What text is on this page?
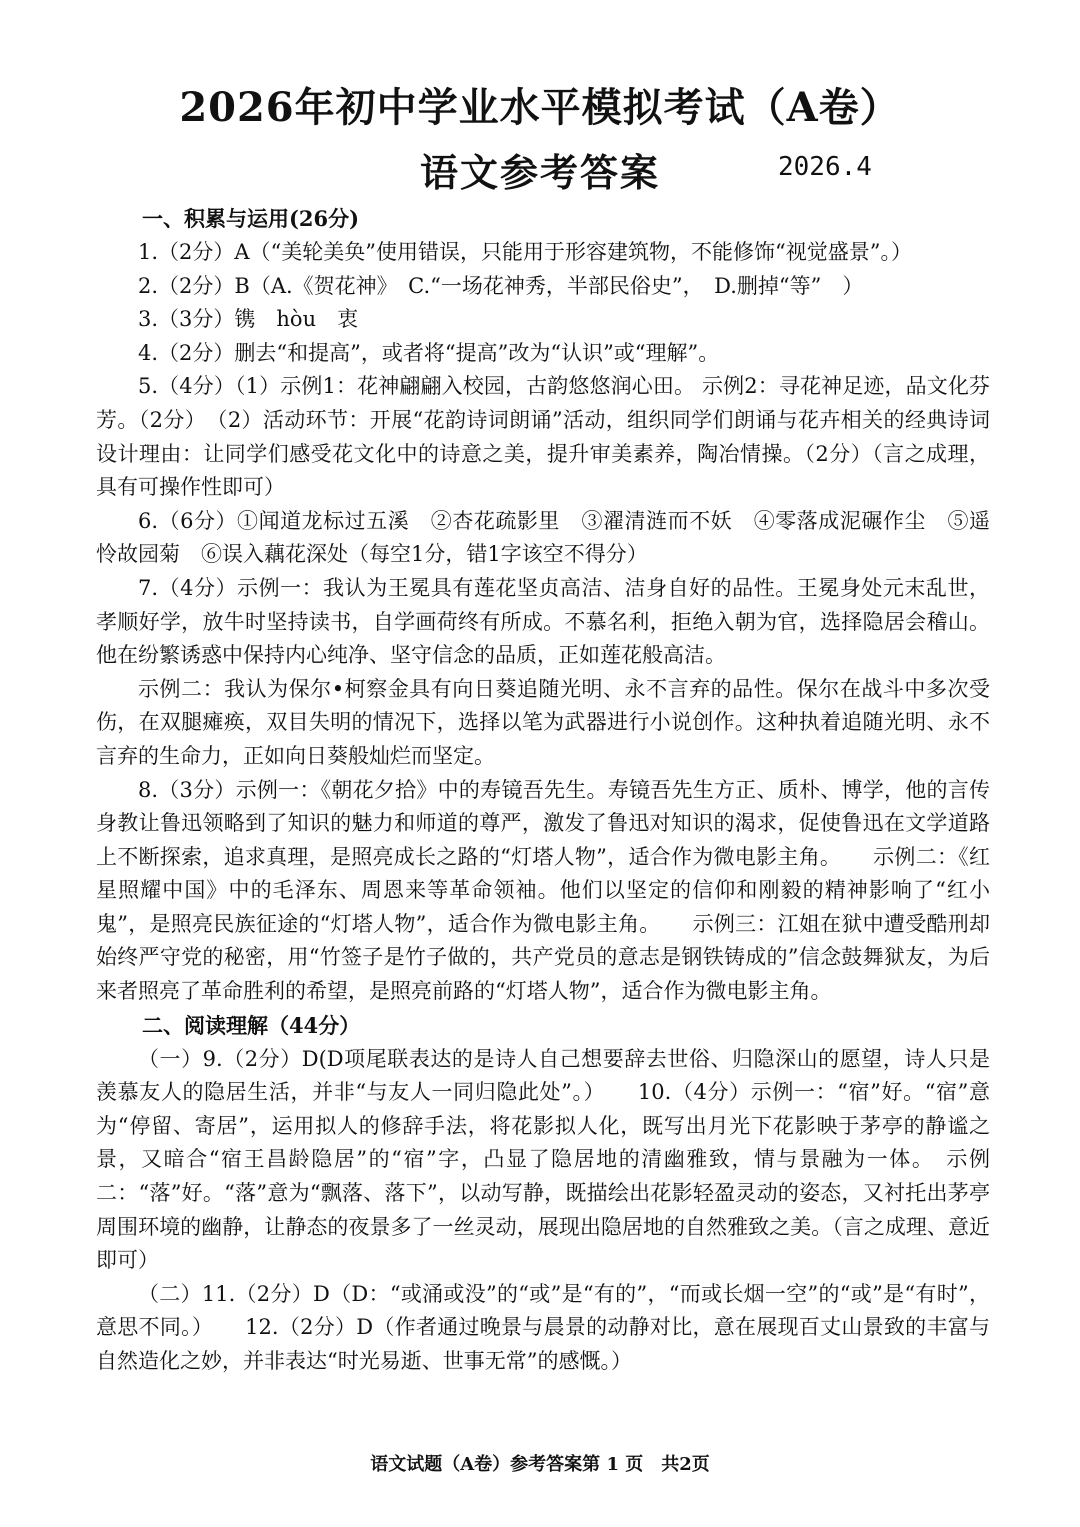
2026年初中学业水平模拟考试（A卷）
语文参考答案	2026.4
一、积累与运用(26分)

1.（2分）A（“美轮美奂”使用错误，只能用于形容建筑物，不能修饰“视觉盛景”。）

2.（2分）B（A.《贺花神》　C.“一场花神秀，半部民俗史”，　D.删掉“等”　）

3.（3分）镌　hòu　衷

4.（2分）删去“和提高”，或者将“提高”改为“认识”或“理解”。

5.（4分）（1）示例1：花神翩翩入校园，古韵悠悠润心田。 示例2：寻花神足迹，品文化芬芳。（2分）　（2）活动环节：开展“花韵诗词朗诵”活动，组织同学们朗诵与花卉相关的经典诗词　　设计理由：让同学们感受花文化中的诗意之美，提升审美素养，陶冶情操。（2分）（言之成理，具有可操作性即可）

6.（6分）①闻道龙标过五溪　②杏花疏影里　③濯清涟而不妖　④零落成泥碾作尘　⑤遥怜故园菊　⑥误入藕花深处（每空1分，错1字该空不得分）

7.（4分）示例一：我认为王冕具有莲花坚贞高洁、洁身自好的品性。王冕身处元末乱世，孝顺好学，放牛时坚持读书，自学画荷终有所成。不慕名利，拒绝入朝为官，选择隐居会稽山。他在纷繁诱惑中保持内心纯净、坚守信念的品质，正如莲花般高洁。

示例二：我认为保尔•柯察金具有向日葵追随光明、永不言弃的品性。保尔在战斗中多次受伤，在双腿瘫痪，双目失明的情况下，选择以笔为武器进行小说创作。这种执着追随光明、永不言弃的生命力，正如向日葵般灿烂而坚定。

8.（3分）示例一：《朝花夕拾》中的寿镜吾先生。寿镜吾先生方正、质朴、博学，他的言传身教让鲁迅领略到了知识的魅力和师道的尊严，激发了鲁迅对知识的渴求，促使鲁迅在文学道路上不断探索，追求真理，是照亮成长之路的“灯塔人物”，适合作为微电影主角。　　示例二：《红星照耀中国》中的毛泽东、周恩来等革命领袖。他们以坚定的信仰和刚毅的精神影响了“红小鬼”，是照亮民族征途的“灯塔人物”，适合作为微电影主角。　　示例三：江姐在狱中遭受酷刑却始终严守党的秘密，用“竹签子是竹子做的，共产党员的意志是钢铁铸成的”信念鼓舞狱友，为后来者照亮了革命胜利的希望，是照亮前路的“灯塔人物”，适合作为微电影主角。

二、阅读理解（44分）

（一）9.（2分）D(D项尾联表达的是诗人自己想要辞去世俗、归隐深山的愿望，诗人只是羡慕友人的隐居生活，并非“与友人一同归隐此处”。）　　10.（4分）示例一：“宿”好。“宿”意为“停留、寄居”，运用拟人的修辞手法，将花影拟人化，既写出月光下花影映于茅亭的静谧之景，又暗合“宿王昌龄隐居”的“宿”字，凸显了隐居地的清幽雅致，情与景融为一体。　示例二：“落”好。“落”意为“飘落、落下”，以动写静，既描绘出花影轻盈灵动的姿态，又衬托出茅亭周围环境的幽静，让静态的夜景多了一丝灵动，展现出隐居地的自然雅致之美。（言之成理、意近即可）

（二）11.（2分）D（D：“或涌或没”的“或”是“有的”，“而或长烟一空”的“或”是“有时”，意思不同。）　　12.（2分）D（作者通过晚景与晨景的动静对比，意在展现百丈山景致的丰富与自然造化之妙，并非表达“时光易逝、世事无常”的感慨。）

语文试题（A卷）参考答案第 1 页　共2页
